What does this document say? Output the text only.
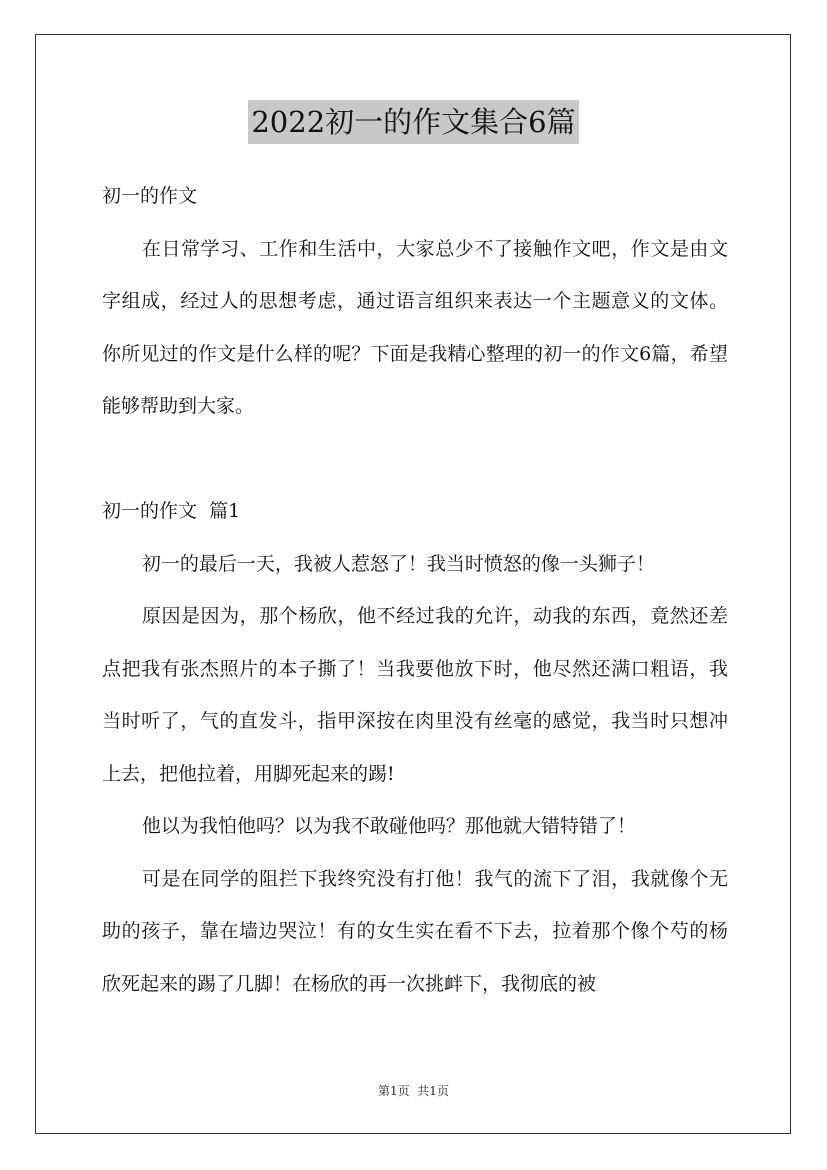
2022初一的作文集合6篇

初一的作文

在日常学习、工作和生活中，大家总少不了接触作文吧，作文是由文字组成，经过人的思想考虑，通过语言组织来表达一个主题意义的文体。你所见过的作文是什么样的呢？下面是我精心整理的初一的作文6篇，希望能够帮助到大家。

初一的作文  篇1

初一的最后一天，我被人惹怒了！我当时愤怒的像一头狮子！

原因是因为，那个杨欣，他不经过我的允许，动我的东西，竟然还差点把我有张杰照片的本子撕了！当我要他放下时，他尽然还满口粗语，我当时听了，气的直发斗，指甲深按在肉里没有丝毫的感觉，我当时只想冲上去，把他拉着，用脚死起来的踢!

他以为我怕他吗？以为我不敢碰他吗？那他就大错特错了！

可是在同学的阻拦下我终究没有打他！我气的流下了泪，我就像个无助的孩子，靠在墙边哭泣！有的女生实在看不下去，拉着那个像个芍的杨欣死起来的踢了几脚！在杨欣的再一次挑衅下，我彻底的被

第1页  共1页
